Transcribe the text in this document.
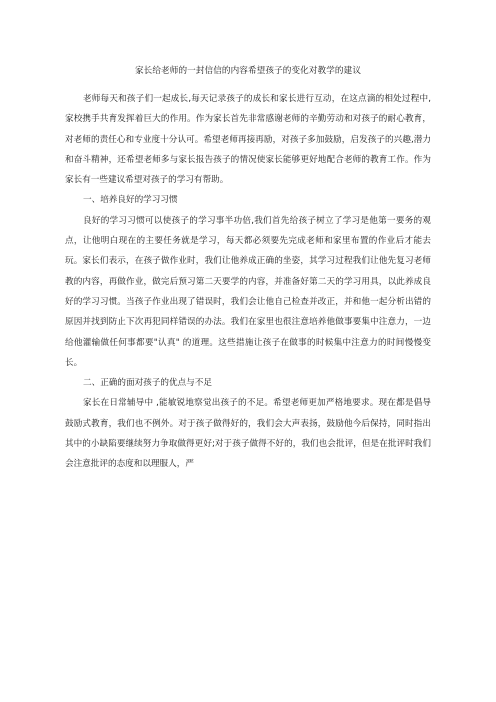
家长给老师的一封信信的内容希望孩子的变化对教学的建议

老师每天和孩子们一起成长,每天记录孩子的成长和家长进行互动，在这点滴的相处过程中,家校携手共育发挥着巨大的作用。作为家长首先非常感谢老师的辛勤劳动和对孩子的耐心教育，对老师的责任心和专业度十分认可。希望老师再接再励，对孩子多加鼓励，启发孩子的兴趣,潜力和奋斗精神，还希望老师多与家长报告孩子的情况使家长能够更好地配合老师的教育工作。作为家长有一些建议希望对孩子的学习有帮助。

一、培养良好的学习习惯

良好的学习习惯可以使孩子的学习事半功倍,我们首先给孩子树立了学习是他第一要务的观点，让他明白现在的主要任务就是学习，每天都必须要先完成老师和家里布置的作业后才能去玩。家长们表示，在孩子做作业时，我们让他养成正确的坐姿，其学习过程我们让他先复习老师教的内容，再做作业，做完后预习第二天要学的内容，并准备好第二天的学习用具，以此养成良好的学习习惯。当孩子作业出现了错误时，我们会让他自己检查并改正，并和他一起分析出错的原因并找到防止下次再犯同样错误的办法。我们在家里也很注意培养他做事要集中注意力，一边给他灌输做任何事都要"认真" 的道理。这些措施让孩子在做事的时候集中注意力的时间慢慢变长。

二、正确的面对孩子的优点与不足

家长在日常辅导中 ,能敏锐地察觉出孩子的不足。希望老师更加严格地要求。现在都是倡导鼓励式教育，我们也不例外。对于孩子做得好的，我们会大声表扬，鼓励他今后保持，同时指出其中的小缺陷要继续努力争取做得更好;对于孩子做得不好的，我们也会批评，但是在批评时我们会注意批评的态度和以理服人，严
